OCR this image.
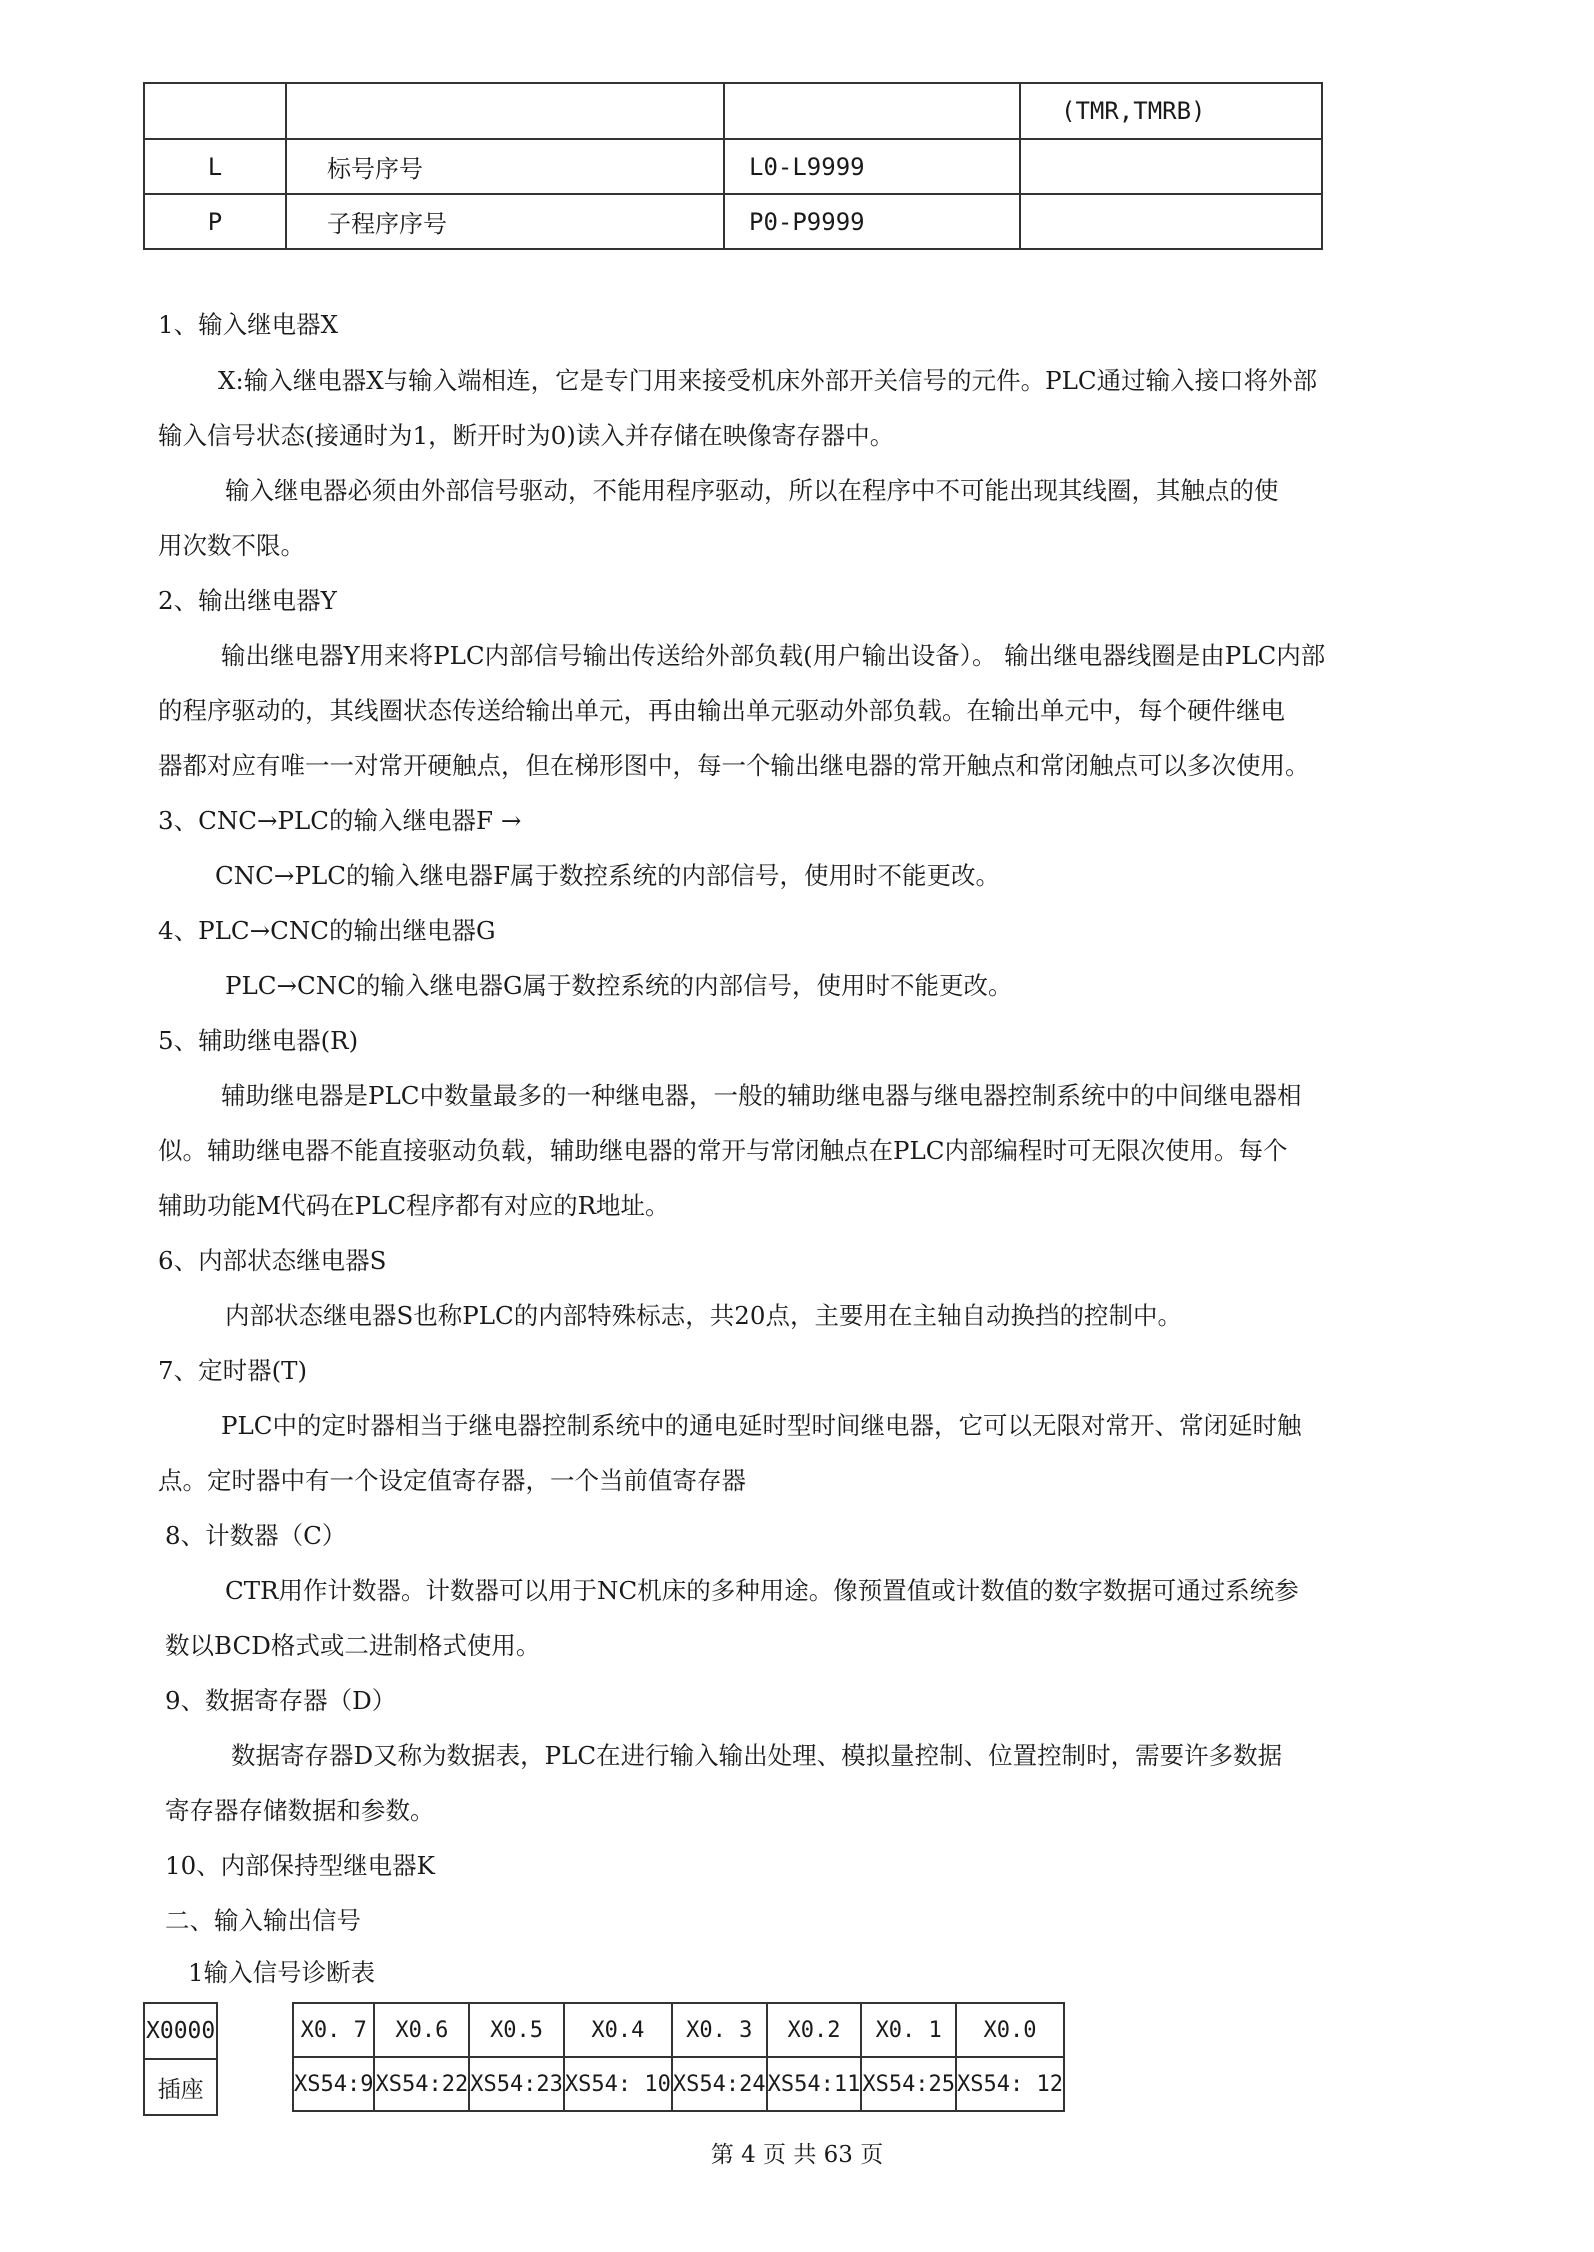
			(TMR,TMRB)
L	标号序号	L0-L9999	
P	子程序序号	P0-P9999	
1、输入继电器X
X:输入继电器X与输入端相连，它是专门用来接受机床外部开关信号的元件。PLC通过输入接口将外部
输入信号状态(接通时为1，断开时为0)读入并存储在映像寄存器中。
输入继电器必须由外部信号驱动，不能用程序驱动，所以在程序中不可能出现其线圈，其触点的使
用次数不限。
2、输出继电器Y
输出继电器Y用来将PLC内部信号输出传送给外部负载(用户输出设备）。 输出继电器线圈是由PLC内部
的程序驱动的，其线圈状态传送给输出单元，再由输出单元驱动外部负载。在输出单元中，每个硬件继电
器都对应有唯一一对常开硬触点，但在梯形图中，每一个输出继电器的常开触点和常闭触点可以多次使用。
3、CNC→PLC的输入继电器F →
CNC→PLC的输入继电器F属于数控系统的内部信号，使用时不能更改。
4、PLC→CNC的输出继电器G
PLC→CNC的输入继电器G属于数控系统的内部信号，使用时不能更改。
5、辅助继电器(R)
辅助继电器是PLC中数量最多的一种继电器，一般的辅助继电器与继电器控制系统中的中间继电器相
似。辅助继电器不能直接驱动负载，辅助继电器的常开与常闭触点在PLC内部编程时可无限次使用。每个
辅助功能M代码在PLC程序都有对应的R地址。
6、内部状态继电器S
内部状态继电器S也称PLC的内部特殊标志，共20点，主要用在主轴自动换挡的控制中。
7、定时器(T)
PLC中的定时器相当于继电器控制系统中的通电延时型时间继电器，它可以无限对常开、常闭延时触
点。定时器中有一个设定值寄存器，一个当前值寄存器
8、计数器（C）
CTR用作计数器。计数器可以用于NC机床的多种用途。像预置值或计数值的数字数据可通过系统参
数以BCD格式或二进制格式使用。
9、数据寄存器（D）
数据寄存器D又称为数据表，PLC在进行输入输出处理、模拟量控制、位置控制时，需要许多数据
寄存器存储数据和参数。
10、内部保持型继电器K
二、输入输出信号
1输入信号诊断表
X0000
插座
X0. 7	X0.6	X0.5	X0.4	X0. 3	X0.2	X0. 1	X0.0
XS54:9	XS54:22	XS54:23	XS54: 10	XS54:24	XS54:11	XS54:25	XS54: 12
第 4 页 共 63 页
